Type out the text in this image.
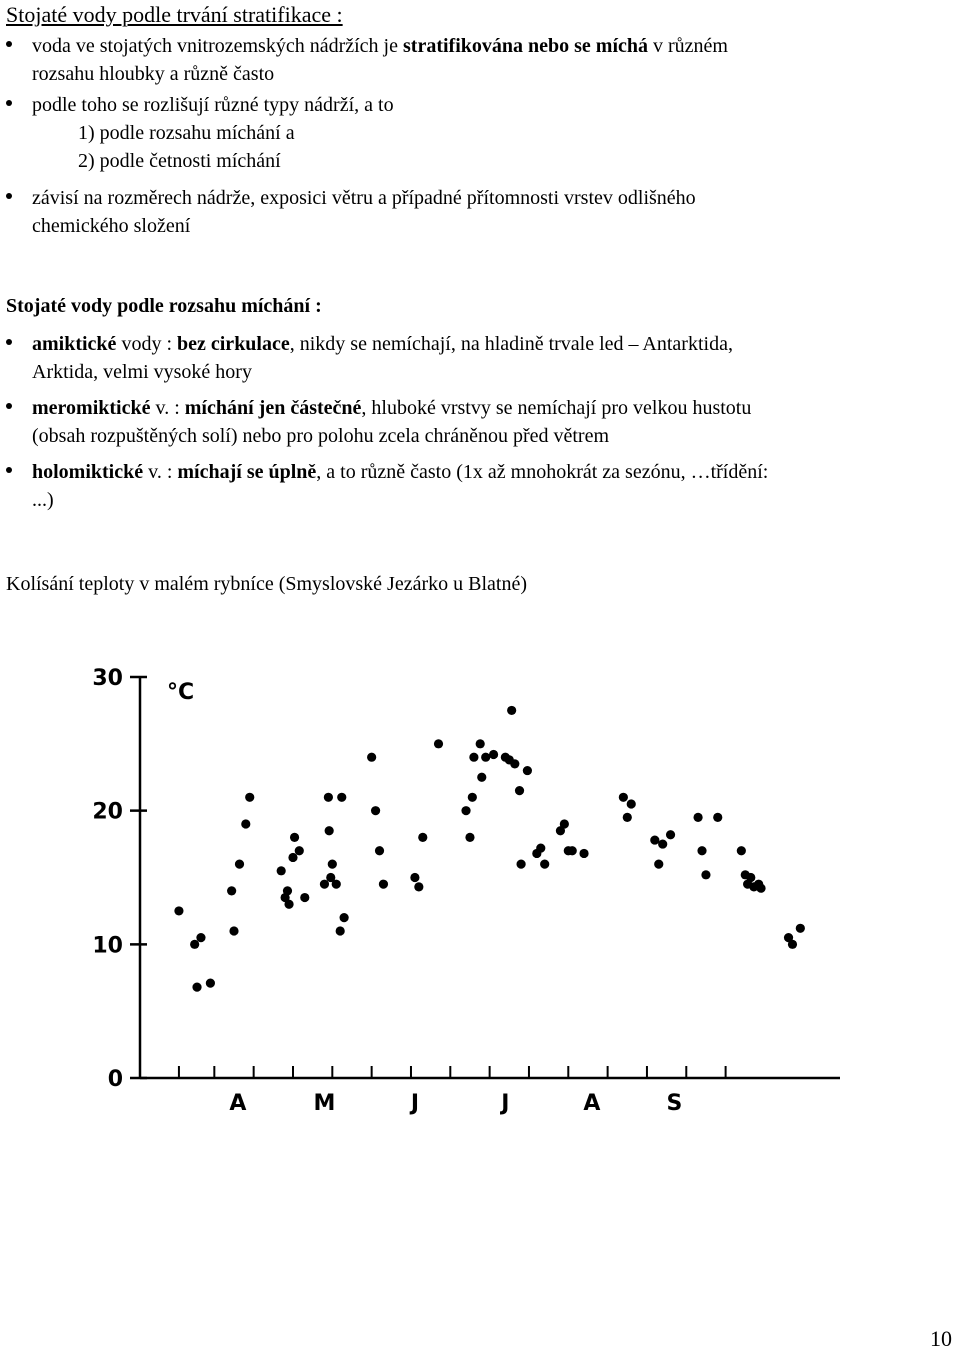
Stojaté vody podle trvání stratifikace :
voda ve stojatých vnitrozemských nádržích je stratifikována nebo se míchá v různém
rozsahu hloubky a různě často
podle toho se rozlišují různé typy nádrží, a to
1) podle rozsahu míchání a
2) podle četnosti míchání
závisí na rozměrech nádrže, exposici větru a případné přítomnosti vrstev odlišného
chemického složení
Stojaté vody podle rozsahu míchání :
amiktické vody : bez cirkulace, nikdy se nemíchají, na hladině trvale led – Antarktida,
Arktida, velmi vysoké hory
meromiktické v. : míchání jen částečné, hluboké vrstvy se nemíchají pro velkou hustotu
(obsah rozpuštěných solí) nebo pro polohu zcela chráněnou před větrem
holomiktické v. : míchají se úplně, a to různě často (1x až mnohokrát za sezónu, …třídění:
...)
Kolísání teploty v malém rybníce (Smyslovské Jezárko u Blatné)
0
10
20
30
°C
A	M	J	J	A	S
10
